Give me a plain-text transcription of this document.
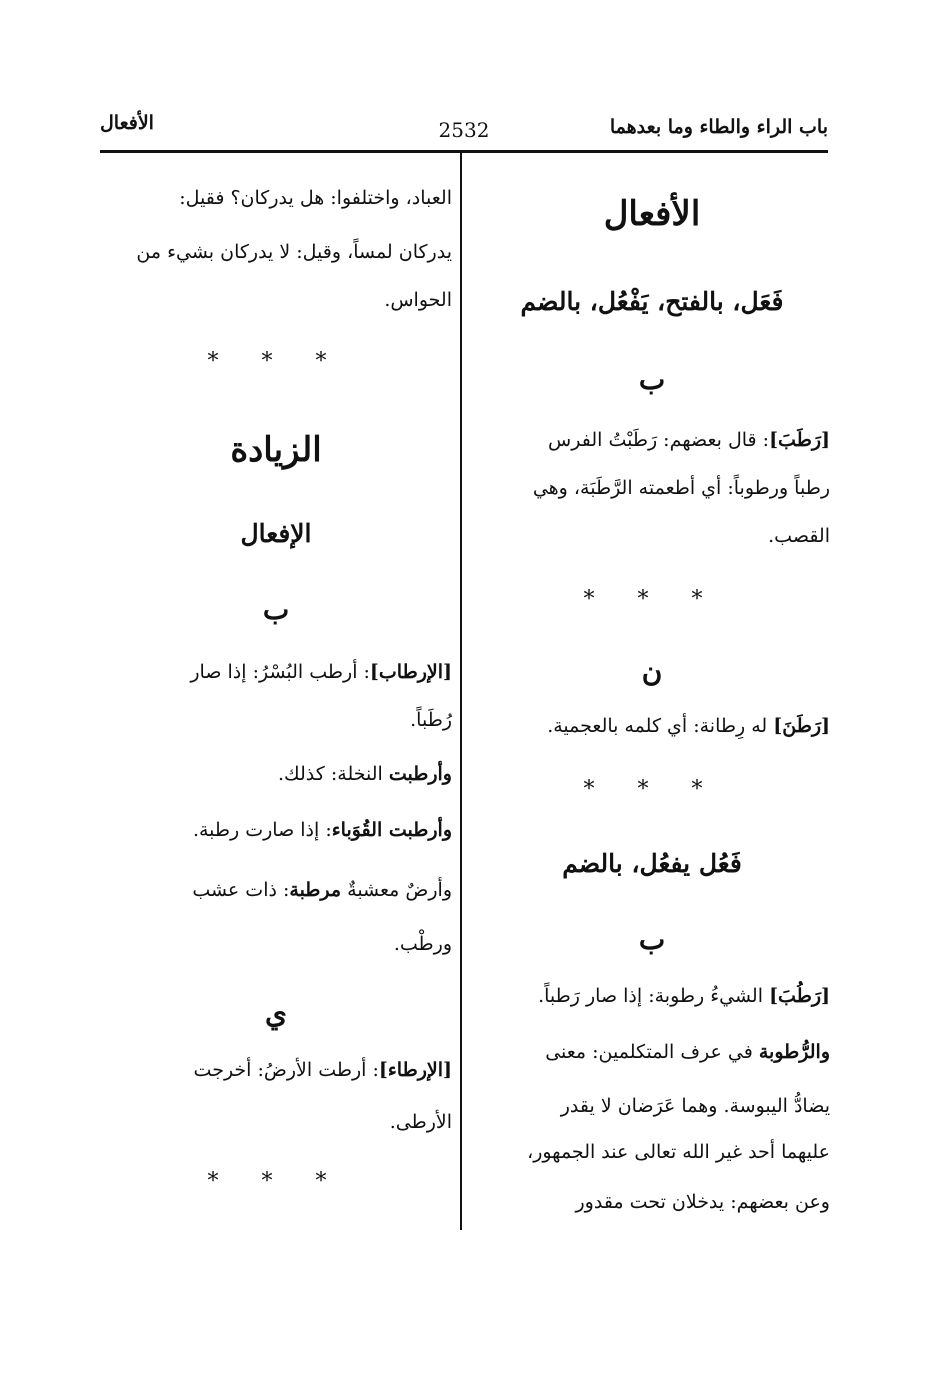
باب الراء والطاء وما بعدهما
2532
الأفعال
الأفعال
فَعَل، بالفتح، يَفْعُل، بالضم
ب
[رَطَبَ]: قال بعضهم: رَطَبْتُ الفرس
رطباً ورطوباً: أي أطعمته الرَّطَبَة، وهي
القصب.
* * *
ن
[رَطَنَ] له رِطانة: أي كلمه بالعجمية.
* * *
فَعُل يفعُل، بالضم
ب
[رَطُبَ] الشيءُ رطوبة: إذا صار رَطباً.
والرُّطوبة في عرف المتكلمين: معنى
يضادُّ اليبوسة. وهما عَرَضان لا يقدر
عليهما أحد غير الله تعالى عند الجمهور،
وعن بعضهم: يدخلان تحت مقدور
العباد، واختلفوا: هل يدركان؟ فقيل:
يدركان لمساً، وقيل: لا يدركان بشيء من
الحواس.
* * *
الزيادة
الإفعال
ب
[الإرطاب]: أرطب البُسْرُ: إذا صار
رُطَباً.
وأرطبت النخلة: كذلك.
وأرطبت القُوَباء: إذا صارت رطبة.
وأرضٌ معشبةٌ مرطبة: ذات عشب
ورطْب.
ي
[الإرطاء]: أرطت الأرضُ: أخرجت
الأرطى.
* * *
